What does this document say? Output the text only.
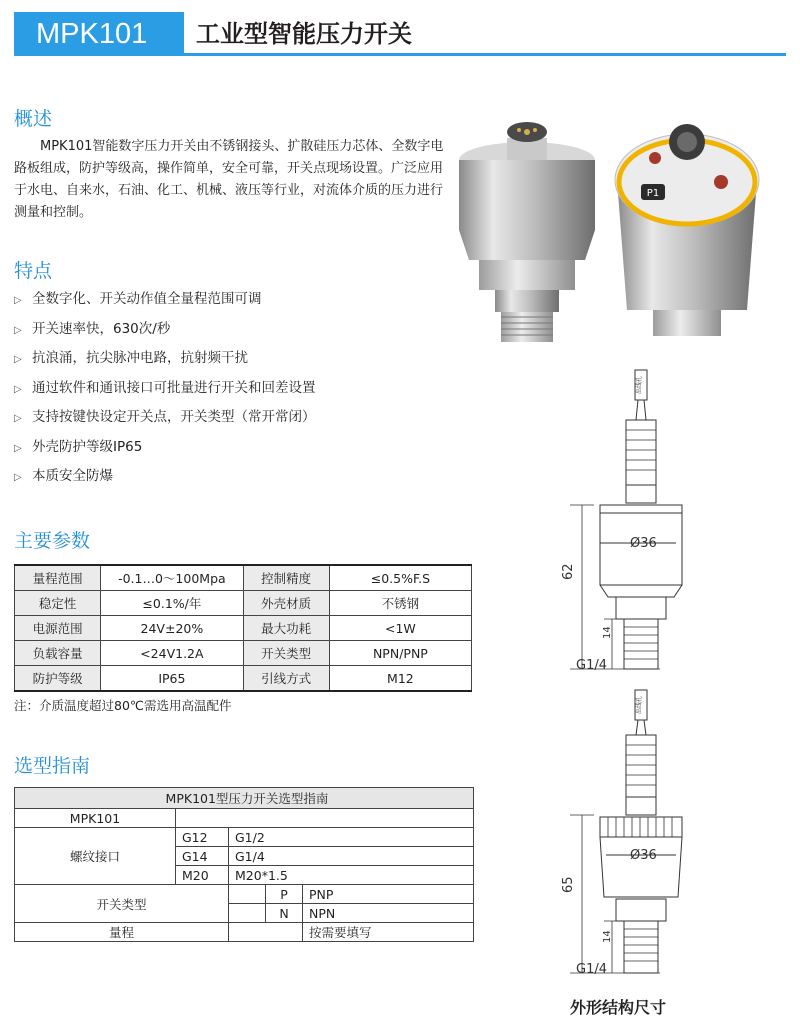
MPK101	工业型智能压力开关
概述
MPK101智能数字压力开关由不锈钢接头、扩散硅压力芯体、全数字电路板组成，防护等级高，操作简单，安全可靠，开关点现场设置。广泛应用于水电、自来水，石油、化工、机械、液压等行业，对流体介质的压力进行测量和控制。
P1
特点
▷ 全数字化、开关动作值全量程范围可调
▷ 开关速率快，630次/秒
▷ 抗浪涌，抗尖脉冲电路，抗射频干扰
▷ 通过软件和通讯接口可批量进行开关和回差设置
▷ 支持按键快设定开关点，开关类型（常开常闭）
▷ 外壳防护等级IP65
▷ 本质安全防爆
主要参数
量程范围	-0.1…0～100Mpa	控制精度	≤0.5%F.S
稳定性	≤0.1%/年	外壳材质	不锈钢
电源范围	24V±20%	最大功耗	<1W
负载容量	<24V1.2A	开关类型	NPN/PNP
防护等级	IP65	引线方式	M12
注：介质温度超过80℃需选用高温配件
选型指南
MPK101型压力开关选型指南				
MPK101				
螺纹接口	G12	G1/2		
	G14	G1/4		
	M20	M20*1.5		
开关类型			P	PNP
			N	NPN
量程				按需要填写
出线孔
62
Ø36
14
G1/4
出线孔
65
Ø36
14
G1/4
外形结构尺寸
